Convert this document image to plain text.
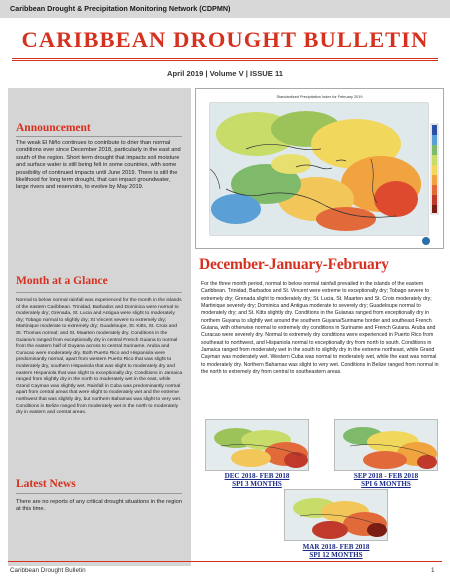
Caribbean Drought & Precipitation Monitoring Network (CDPMN)
CARIBBEAN DROUGHT BULLETIN
April 2019 | Volume V | ISSUE 11
Announcement
The weak El Niño continues to contribute to drier than normal conditions ever since December 2018, particularly in the east and south of the region. Short term drought that impacts soil moisture and surface water is still being felt in some countries, with some possibility of continued impacts until June 2019. There is still the likelihood for long term drought, that can impact groundwater, large rivers and reservoirs, to evolve by May 2019.
Month at a Glance
Normal to below normal rainfall was experienced for the month in the islands of the eastern Caribbean. Trinidad, Barbados and Dominica were normal to moderately dry; Grenada, St. Lucia and Antigua were slight to moderately dry; Tobago normal to slightly dry; St Vincent severe to extremely dry; Martinique moderate to extremely dry; Guadeloupe, St. Kitts, St. Croix and St. Thomas normal; and St. Maarten moderately dry. Conditions in the Guiana's ranged from exceptionally dry in central French Guiana to normal from the eastern half of Guyana across to central Suriname. Aruba and Curacao were moderately dry. Both Puerto Rico and Hispaniola were predominantly normal, apart from western Puerto Rico that was slight to moderately dry, southern Hispaniola that was slight to moderately dry and eastern Hispaniola that was slight to exceptionally dry. Conditions in Jamaica ranged from slightly dry in the north to moderately wet in the east, while Grand Cayman was slightly wet. Rainfall in Cuba was predominantly normal apart from central areas that were slight to moderately wet and the extreme northwest that was slightly dry, but northern Bahamas was slight to very wet. Conditions in Belize ranged from moderately wet in the north to moderately dry in eastern and central areas.
Latest News
There are no reports of any critical drought situations in the region at this time.
Standardized Precipitation Index for February 2019
December-January-February
For the three month period, normal to below normal rainfall prevailed in the islands of the eastern Caribbean. Trinidad, Barbados and St. Vincent were extreme to exceptionally dry; Tobago severe to extremely dry; Grenada slight to moderately dry; St. Lucia, St. Maarten and St. Croix moderately dry; Martinique severely dry; Dominica and Antigua moderate to severely dry; Guadeloupe normal to moderately dry; and St. Kitts slightly dry. Conditions in the Guianas ranged from exceptionally dry in northern Guyana to slightly wet around the southern Guyana/Suriname border and southeast French Guiana, with otherwise normal to extremely dry conditions in Suriname and French Guiana. Aruba and Curacao were severely dry. Normal to extremely dry conditions were experienced in Puerto Rico from southeast to northwest, and Hispaniola normal to exceptionally dry from north to south. Conditions in Jamaica ranged from moderately wet in the south to slightly dry in the extreme northeast, while Grand Cayman was moderately wet. Western Cuba was normal to moderately wet, while the east was normal to moderately dry. Northern Bahamas was slight to very wet. Conditions in Belize ranged from normal in the north to extremely dry from central to southeastern areas.
DEC 2018- FEB 2018
SPI 3 MONTHS
SEP 2018 - FEB 2018
SPI 6 MONTHS
MAR 2018- FEB 2018
SPI 12 MONTHS
Caribbean Drought Bulletin	1
